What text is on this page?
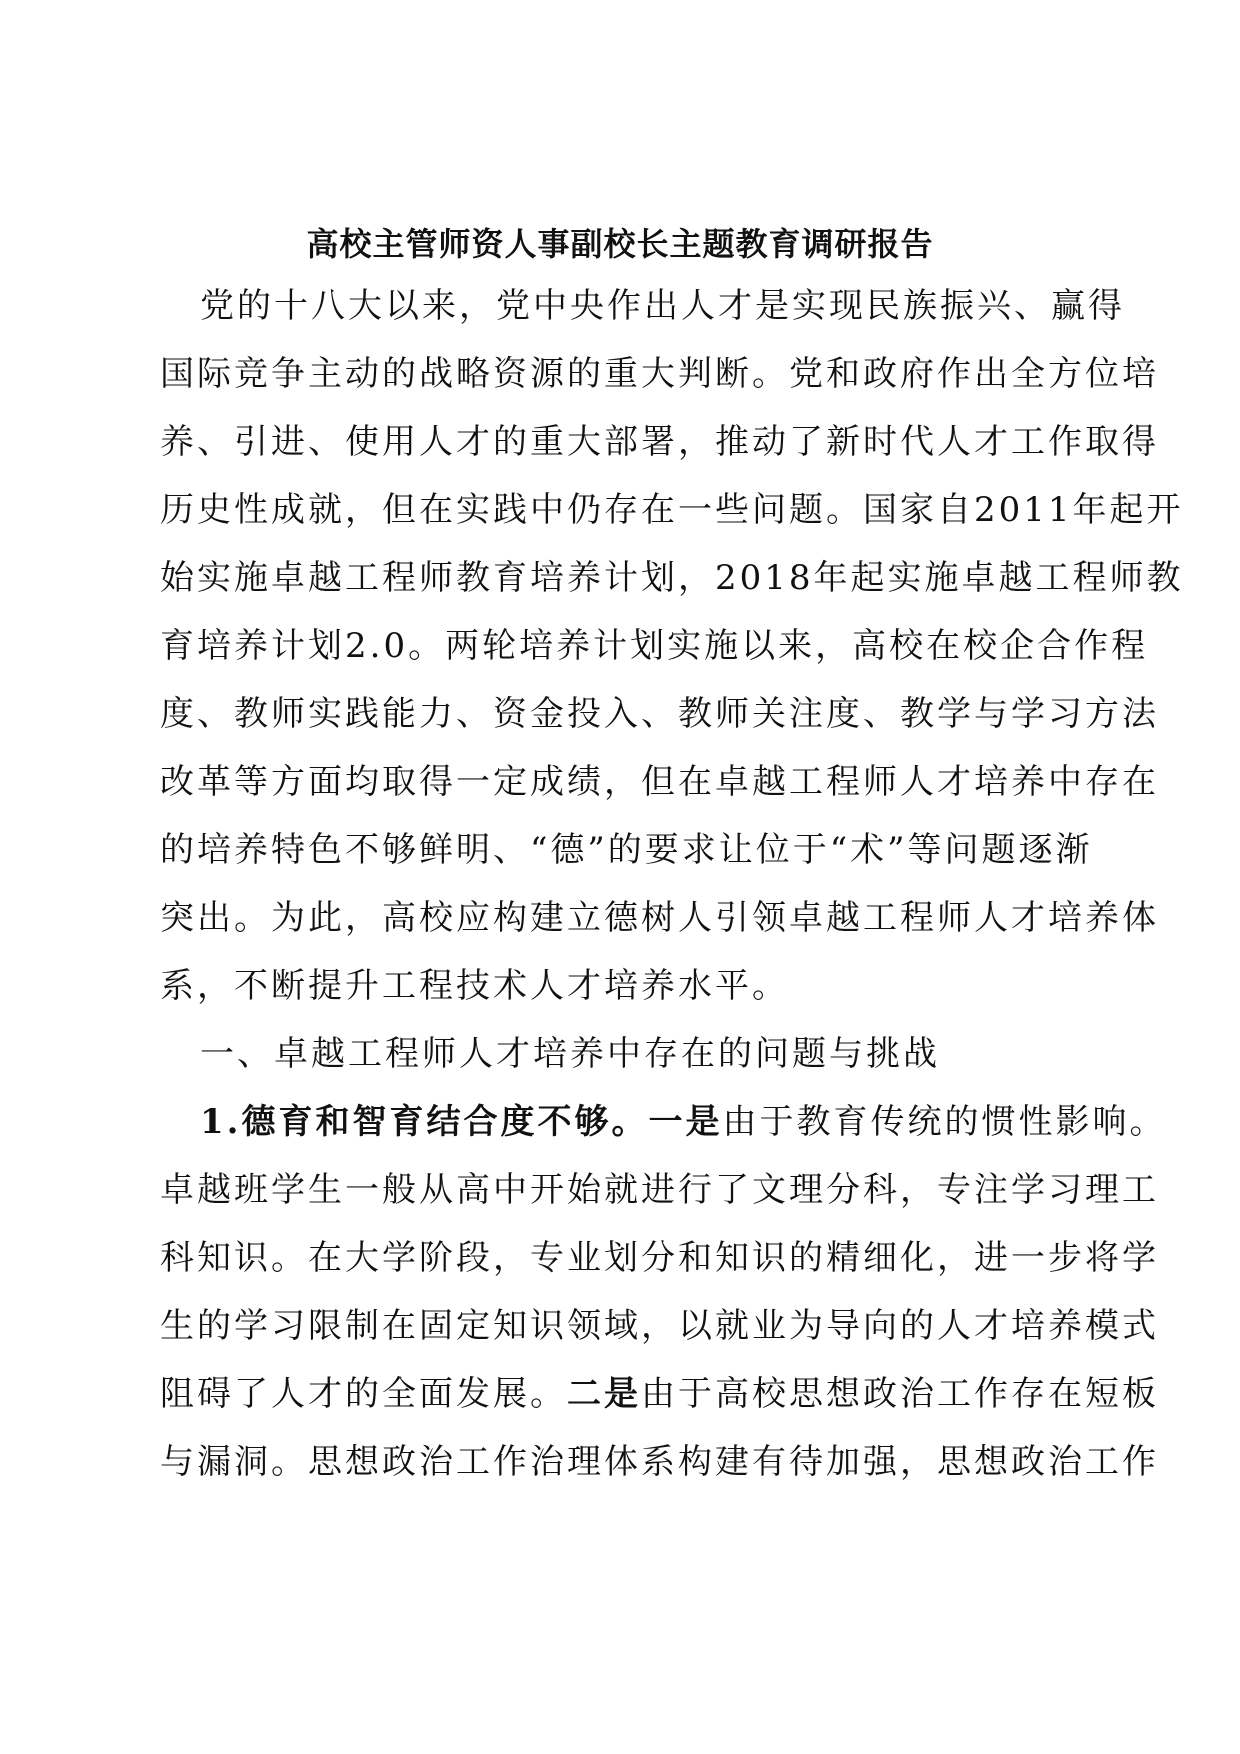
高校主管师资人事副校长主题教育调研报告
党的十八大以来，党中央作出人才是实现民族振兴、赢得
国际竞争主动的战略资源的重大判断。党和政府作出全方位培
养、引进、使用人才的重大部署，推动了新时代人才工作取得
历史性成就，但在实践中仍存在一些问题。国家自2011年起开
始实施卓越工程师教育培养计划，2018年起实施卓越工程师教
育培养计划2.0。两轮培养计划实施以来，高校在校企合作程
度、教师实践能力、资金投入、教师关注度、教学与学习方法
改革等方面均取得一定成绩，但在卓越工程师人才培养中存在
的培养特色不够鲜明、“德”的要求让位于“术”等问题逐渐
突出。为此，高校应构建立德树人引领卓越工程师人才培养体
系，不断提升工程技术人才培养水平。
一、卓越工程师人才培养中存在的问题与挑战
1.德育和智育结合度不够。一是由于教育传统的惯性影响。
卓越班学生一般从高中开始就进行了文理分科，专注学习理工
科知识。在大学阶段，专业划分和知识的精细化，进一步将学
生的学习限制在固定知识领域，以就业为导向的人才培养模式
阻碍了人才的全面发展。二是由于高校思想政治工作存在短板
与漏洞。思想政治工作治理体系构建有待加强，思想政治工作
